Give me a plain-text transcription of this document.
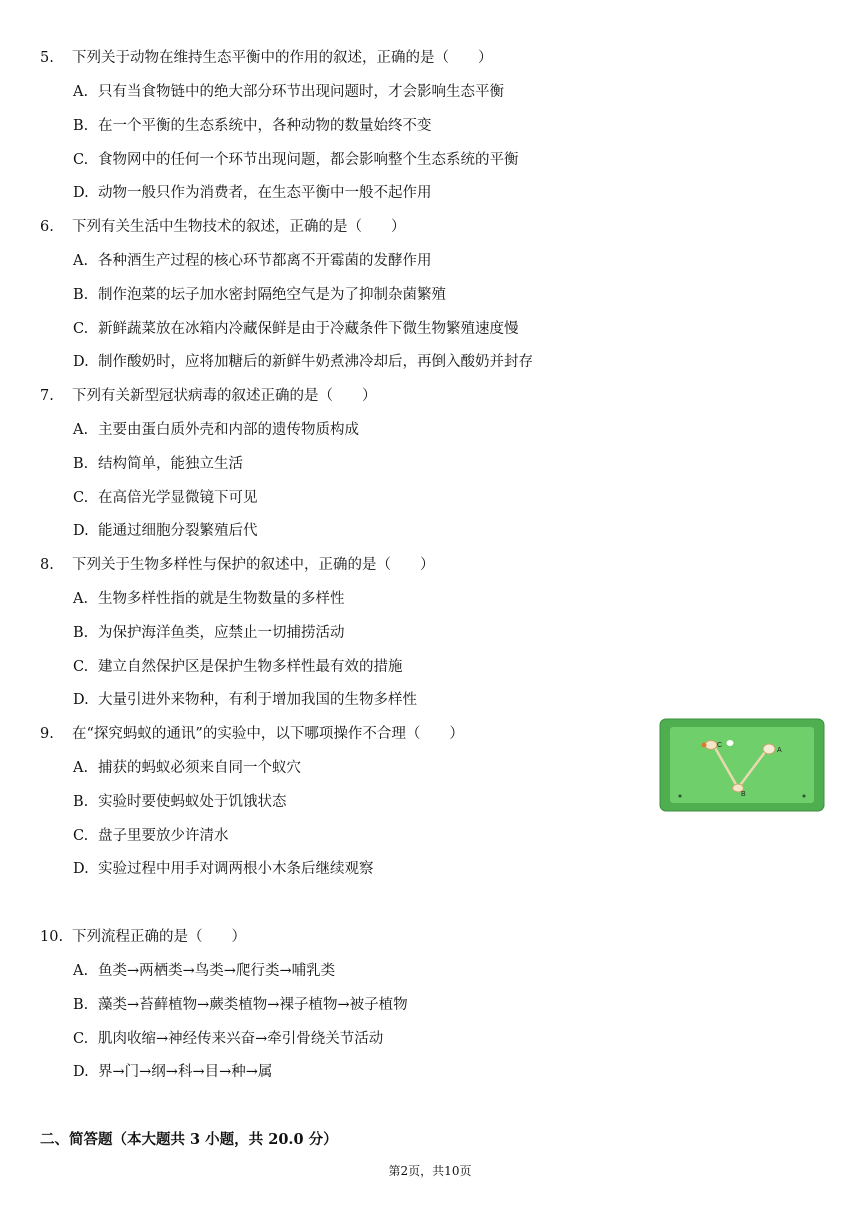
5. 下列关于动物在维持生态平衡中的作用的叙述，正确的是（　　）
A. 只有当食物链中的绝大部分环节出现问题时，才会影响生态平衡
B. 在一个平衡的生态系统中，各种动物的数量始终不变
C. 食物网中的任何一个环节出现问题，都会影响整个生态系统的平衡
D. 动物一般只作为消费者，在生态平衡中一般不起作用
6. 下列有关生活中生物技术的叙述，正确的是（　　）
A. 各种酒生产过程的核心环节都离不开霉菌的发酵作用
B. 制作泡菜的坛子加水密封隔绝空气是为了抑制杂菌繁殖
C. 新鲜蔬菜放在冰箱内冷藏保鲜是由于冷藏条件下微生物繁殖速度慢
D. 制作酸奶时，应将加糖后的新鲜牛奶煮沸冷却后，再倒入酸奶并封存
7. 下列有关新型冠状病毒的叙述正确的是（　　）
A. 主要由蛋白质外壳和内部的遗传物质构成
B. 结构简单，能独立生活
C. 在高倍光学显微镜下可见
D. 能通过细胞分裂繁殖后代
8. 下列关于生物多样性与保护的叙述中，正确的是（　　）
A. 生物多样性指的就是生物数量的多样性
B. 为保护海洋鱼类，应禁止一切捕捞活动
C. 建立自然保护区是保护生物多样性最有效的措施
D. 大量引进外来物种，有利于增加我国的生物多样性
9. 在“探究蚂蚁的通讯”的实验中，以下哪项操作不合理（　　）
A. 捕获的蚂蚁必须来自同一个蚁穴
B. 实验时要使蚂蚁处于饥饿状态
C. 盘子里要放少许清水
D. 实验过程中用手对调两根小木条后继续观察
C
A
B
10. 下列流程正确的是（　　）
A. 鱼类→两栖类→鸟类→爬行类→哺乳类
B. 藻类→苔藓植物→蕨类植物→裸子植物→被子植物
C. 肌肉收缩→神经传来兴奋→牵引骨绕关节活动
D. 界→门→纲→科→目→种→属
二、简答题（本大题共 3 小题，共 20.0 分）
第2页，共10页
